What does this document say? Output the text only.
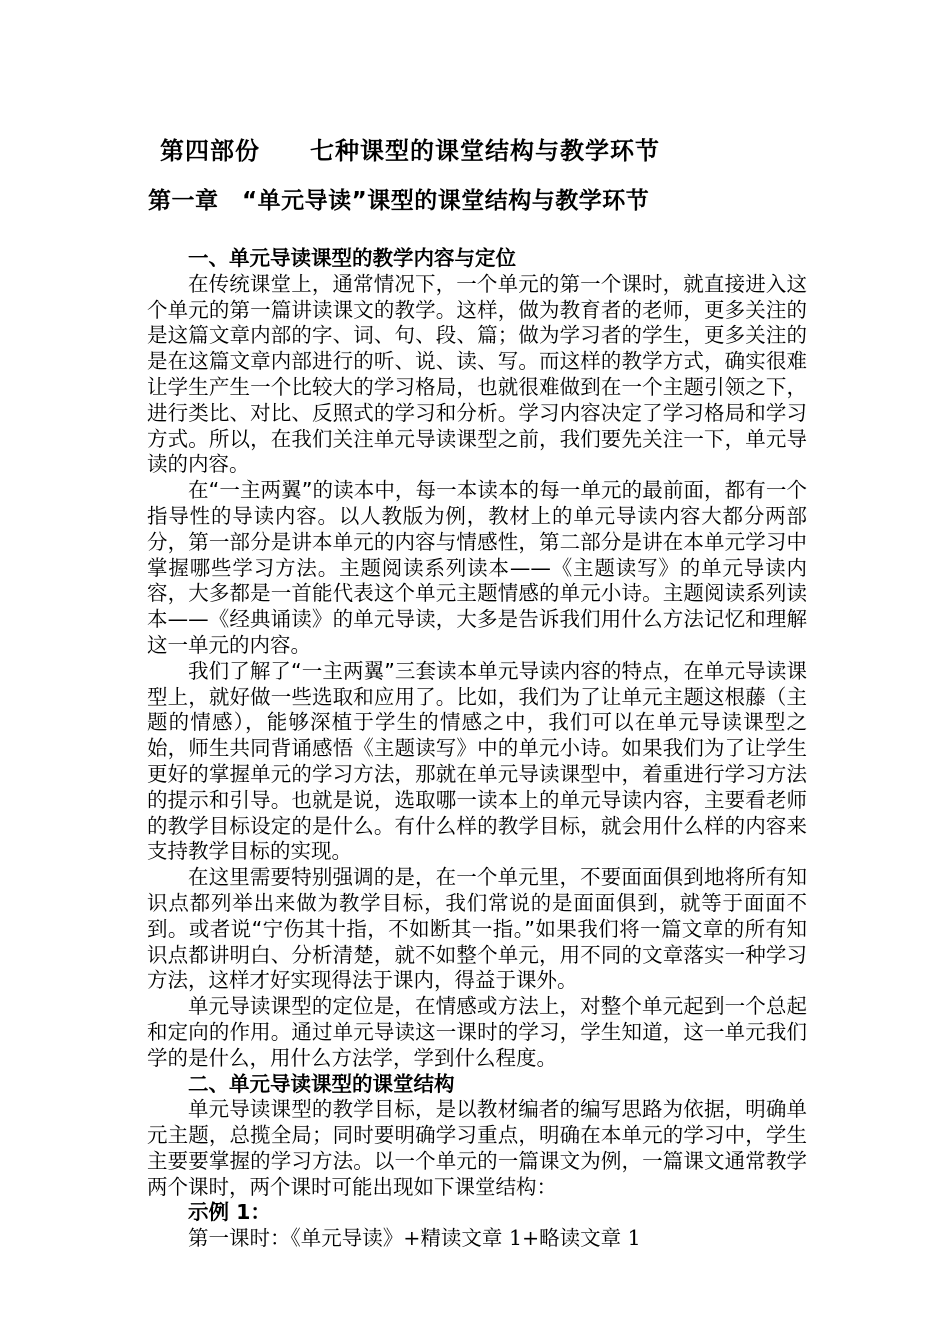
第四部份　　七种课型的课堂结构与教学环节
第一章　“单元导读”课型的课堂结构与教学环节
一、单元导读课型的教学内容与定位

在传统课堂上，通常情况下，一个单元的第一个课时，就直接进入这个单元的第一篇讲读课文的教学。这样，做为教育者的老师，更多关注的是这篇文章内部的字、词、句、段、篇；做为学习者的学生，更多关注的是在这篇文章内部进行的听、说、读、写。而这样的教学方式，确实很难让学生产生一个比较大的学习格局，也就很难做到在一个主题引领之下，进行类比、对比、反照式的学习和分析。学习内容决定了学习格局和学习方式。所以，在我们关注单元导读课型之前，我们要先关注一下，单元导读的内容。

在“一主两翼”的读本中，每一本读本的每一单元的最前面，都有一个指导性的导读内容。以人教版为例，教材上的单元导读内容大都分两部分，第一部分是讲本单元的内容与情感性，第二部分是讲在本单元学习中掌握哪些学习方法。主题阅读系列读本——《主题读写》的单元导读内容，大多都是一首能代表这个单元主题情感的单元小诗。主题阅读系列读本——《经典诵读》的单元导读，大多是告诉我们用什么方法记忆和理解这一单元的内容。

我们了解了“一主两翼”三套读本单元导读内容的特点，在单元导读课型上，就好做一些选取和应用了。比如，我们为了让单元主题这根藤（主题的情感），能够深植于学生的情感之中，我们可以在单元导读课型之始，师生共同背诵感悟《主题读写》中的单元小诗。如果我们为了让学生更好的掌握单元的学习方法，那就在单元导读课型中，着重进行学习方法的提示和引导。也就是说，选取哪一读本上的单元导读内容，主要看老师的教学目标设定的是什么。有什么样的教学目标，就会用什么样的内容来支持教学目标的实现。

在这里需要特别强调的是，在一个单元里，不要面面俱到地将所有知识点都列举出来做为教学目标，我们常说的是面面俱到，就等于面面不到。或者说“宁伤其十指，不如断其一指。”如果我们将一篇文章的所有知识点都讲明白、分析清楚，就不如整个单元，用不同的文章落实一种学习方法，这样才好实现得法于课内，得益于课外。

单元导读课型的定位是，在情感或方法上，对整个单元起到一个总起和定向的作用。通过单元导读这一课时的学习，学生知道，这一单元我们学的是什么，用什么方法学，学到什么程度。

二、单元导读课型的课堂结构

单元导读课型的教学目标，是以教材编者的编写思路为依据，明确单元主题，总揽全局；同时要明确学习重点，明确在本单元的学习中，学生主要要掌握的学习方法。以一个单元的一篇课文为例，一篇课文通常教学两个课时，两个课时可能出现如下课堂结构：

示例 1：

第一课时：《单元导读》+精读文章 1+略读文章 1
